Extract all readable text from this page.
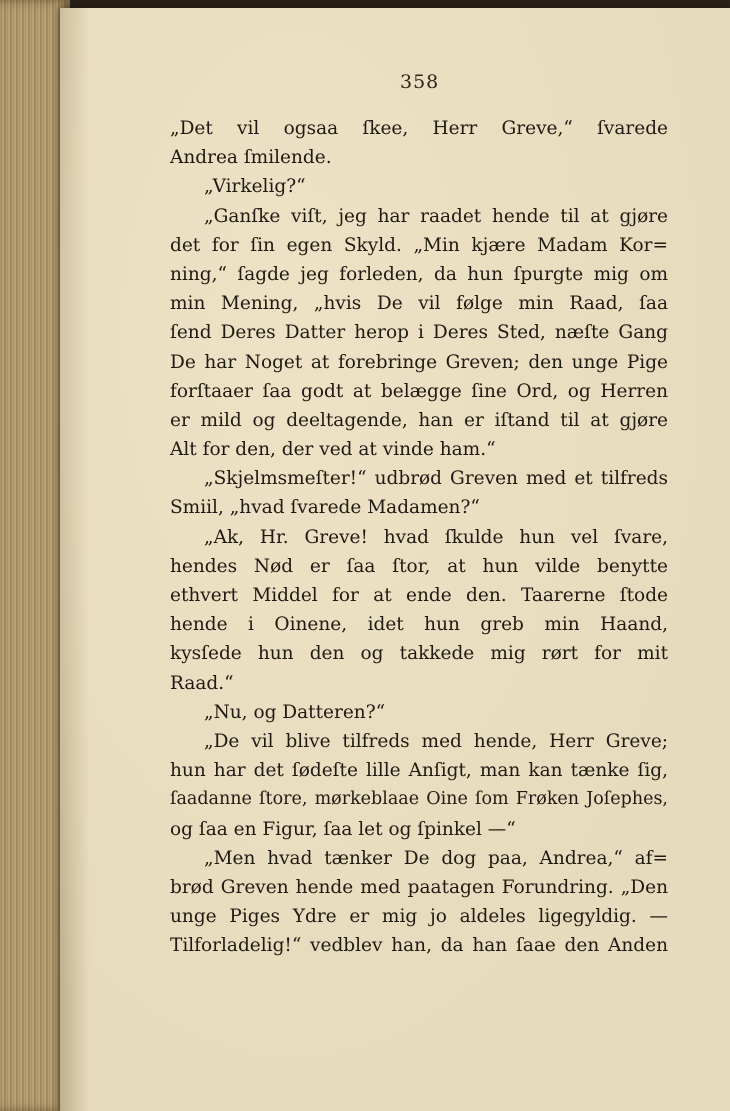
358
„Det vil ogsaa ſkee, Herr Greve,“ ſvarede
Andrea ſmilende.
„Virkelig?“
„Ganſke viſt, jeg har raadet hende til at gjøre
det for ſin egen Skyld. „Min kjære Madam Kor=
ning,“ ſagde jeg forleden, da hun ſpurgte mig om
min Mening, „hvis De vil følge min Raad, ſaa
ſend Deres Datter herop i Deres Sted, næſte Gang
De har Noget at forebringe Greven; den unge Pige
forſtaaer ſaa godt at belægge ſine Ord, og Herren
er mild og deeltagende, han er iſtand til at gjøre
Alt for den, der ved at vinde ham.“
„Skjelmsmeſter!“ udbrød Greven med et tilfreds
Smiil, „hvad ſvarede Madamen?“
„Ak, Hr. Greve! hvad ſkulde hun vel ſvare,
hendes Nød er ſaa ſtor, at hun vilde benytte
ethvert Middel for at ende den. Taarerne ſtode
hende i Oinene, idet hun greb min Haand,
kysſede hun den og takkede mig rørt for mit
Raad.“
„Nu, og Datteren?“
„De vil blive tilfreds med hende, Herr Greve;
hun har det ſødeſte lille Anſigt, man kan tænke ſig,
ſaadanne ſtore, mørkeblaae Oine ſom Frøken Joſephes,
og ſaa en Figur, ſaa let og ſpinkel —“
„Men hvad tænker De dog paa, Andrea,“ af=
brød Greven hende med paatagen Forundring. „Den
unge Piges Ydre er mig jo aldeles ligegyldig. —
Tilforladelig!“ vedblev han, da han ſaae den Anden
